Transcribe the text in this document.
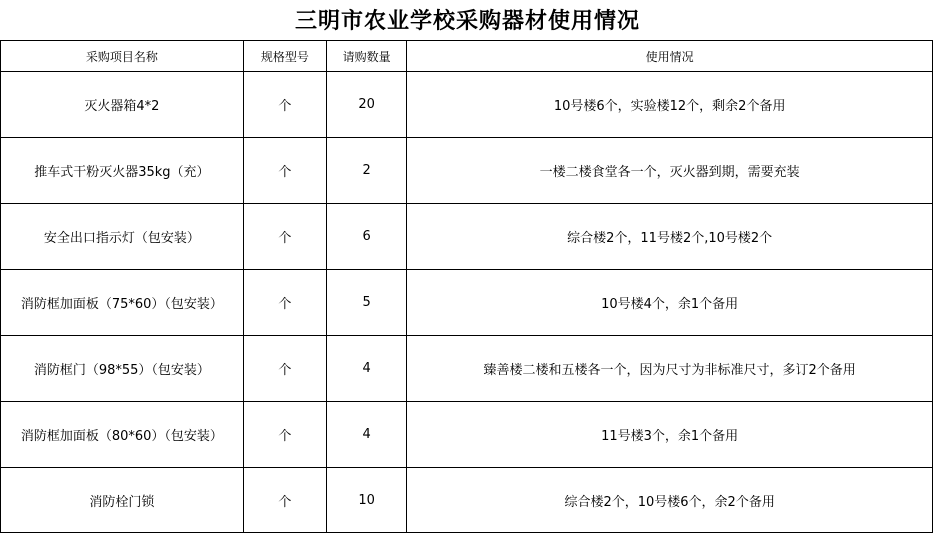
三明市农业学校采购器材使用情况
采购项目名称	规格型号	请购数量	使用情况
灭火器箱4*2	个	20	10号楼6个，实验楼12个，剩余2个备用
推车式干粉灭火器35kg（充）	个	2	一楼二楼食堂各一个，灭火器到期，需要充装
安全出口指示灯（包安装）	个	6	综合楼2个，11号楼2个,10号楼2个
消防框加面板（75*60）（包安装）	个	5	10号楼4个，余1个备用
消防框门（98*55）（包安装）	个	4	臻善楼二楼和五楼各一个，因为尺寸为非标准尺寸，多订2个备用
消防框加面板（80*60）（包安装）	个	4	11号楼3个，余1个备用
消防栓门锁	个	10	综合楼2个，10号楼6个，余2个备用
